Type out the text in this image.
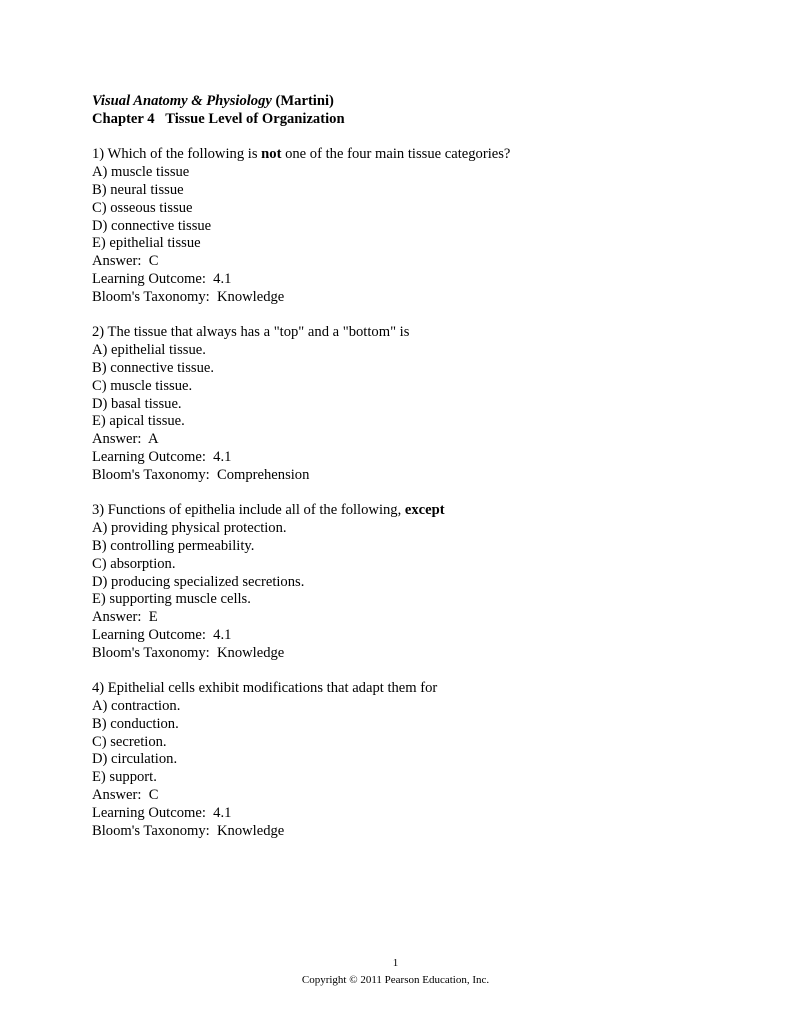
Visual Anatomy & Physiology (Martini)
Chapter 4   Tissue Level of Organization
1) Which of the following is not one of the four main tissue categories?
A) muscle tissue
B) neural tissue
C) osseous tissue
D) connective tissue
E) epithelial tissue
Answer:  C
Learning Outcome:  4.1
Bloom's Taxonomy:  Knowledge
2) The tissue that always has a "top" and a "bottom" is
A) epithelial tissue.
B) connective tissue.
C) muscle tissue.
D) basal tissue.
E) apical tissue.
Answer:  A
Learning Outcome:  4.1
Bloom's Taxonomy:  Comprehension
3) Functions of epithelia include all of the following, except
A) providing physical protection.
B) controlling permeability.
C) absorption.
D) producing specialized secretions.
E) supporting muscle cells.
Answer:  E
Learning Outcome:  4.1
Bloom's Taxonomy:  Knowledge
4) Epithelial cells exhibit modifications that adapt them for
A) contraction.
B) conduction.
C) secretion.
D) circulation.
E) support.
Answer:  C
Learning Outcome:  4.1
Bloom's Taxonomy:  Knowledge
1
Copyright © 2011 Pearson Education, Inc.
